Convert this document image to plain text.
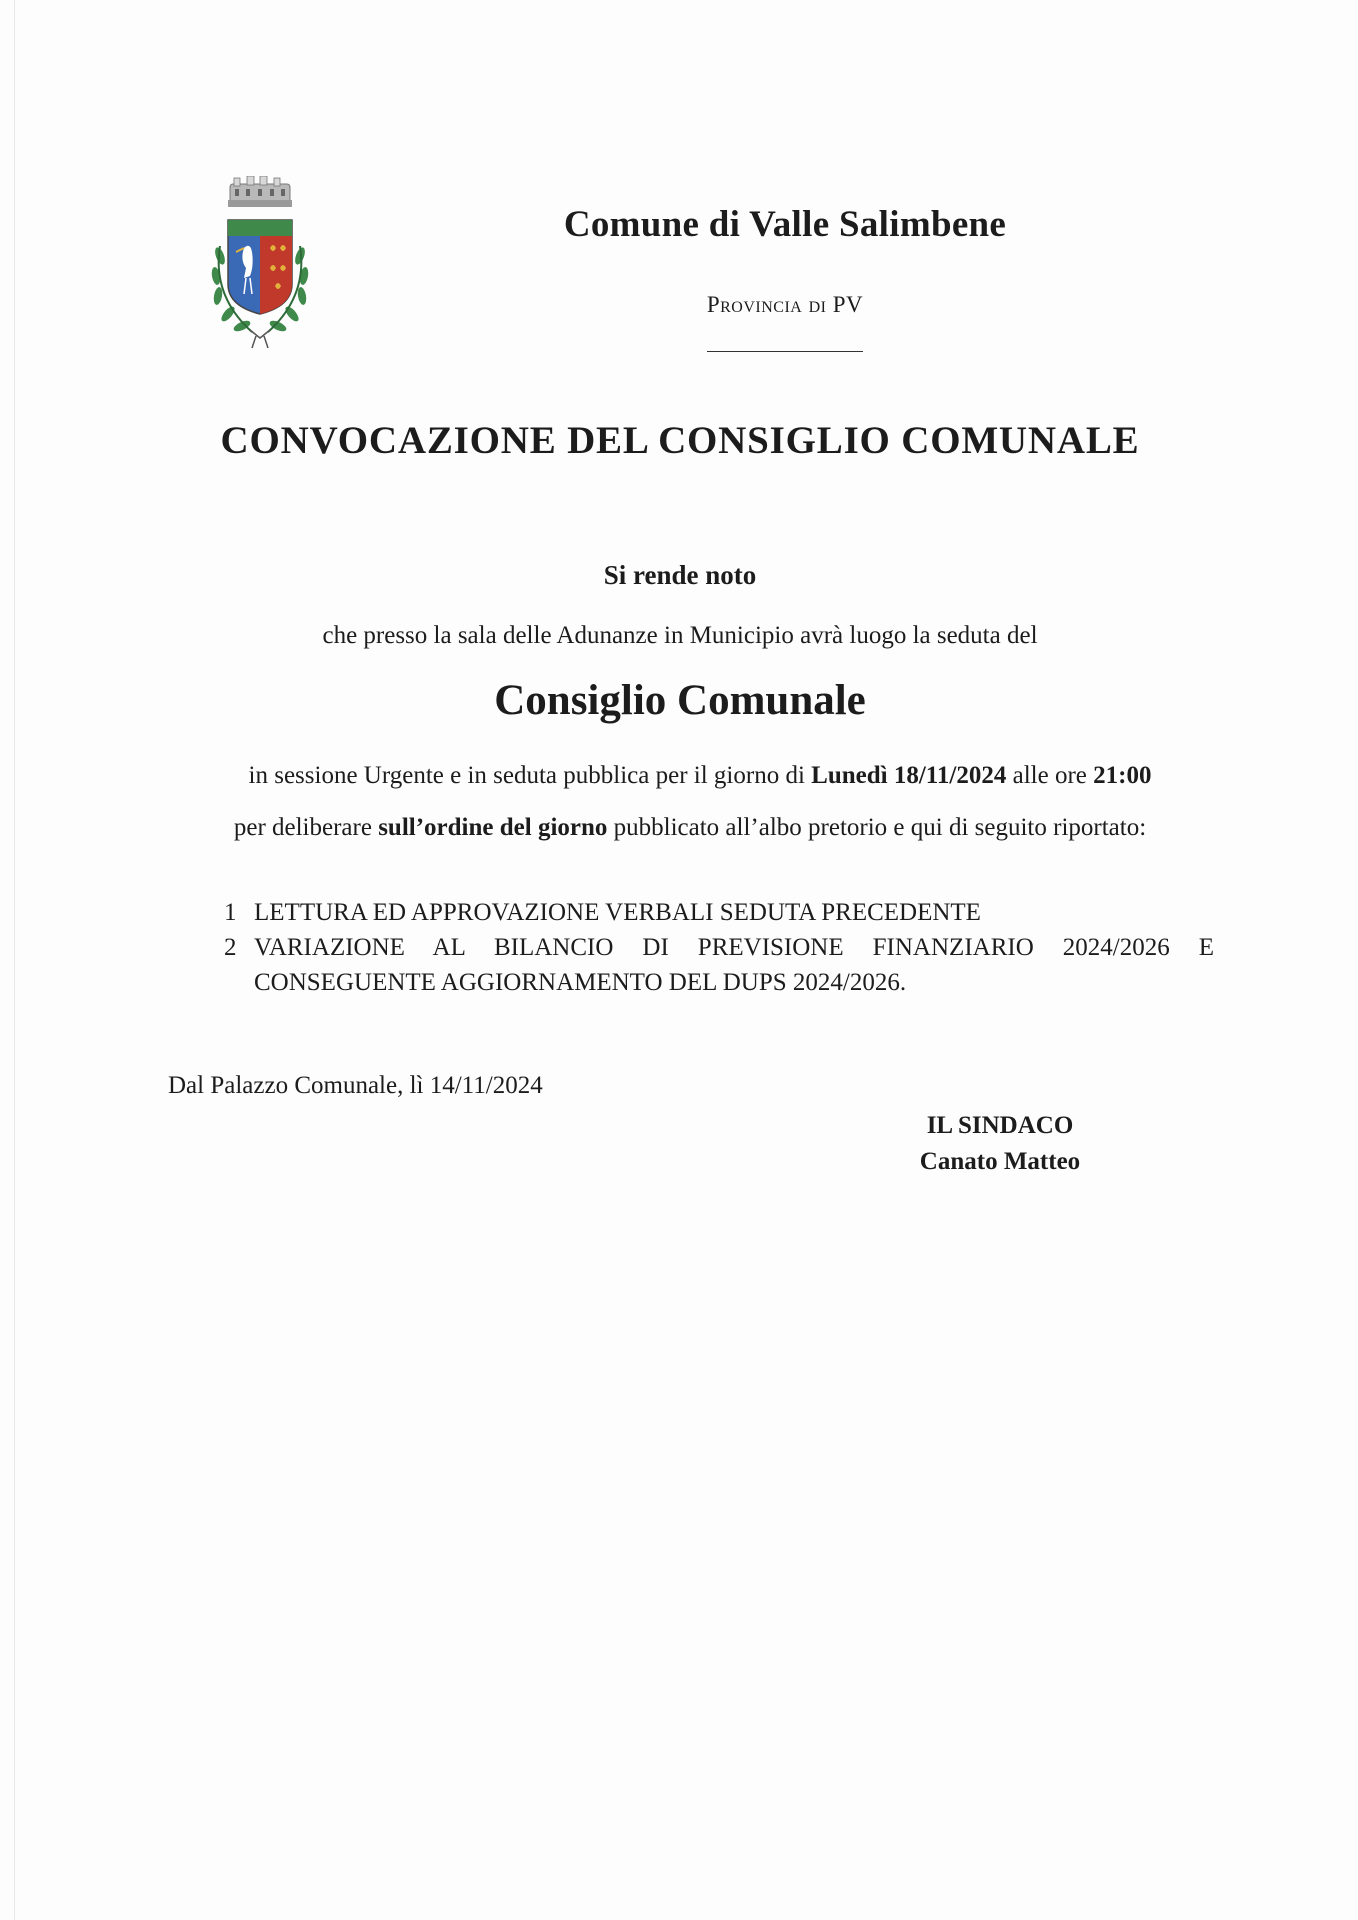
Comune di Valle Salimbene
Provincia di PV
CONVOCAZIONE DEL CONSIGLIO COMUNALE
Si rende noto
che presso la sala delle Adunanze in Municipio avrà luogo la seduta del
Consiglio Comunale
in sessione Urgente e in seduta pubblica per il giorno di Lunedì 18/11/2024 alle ore 21:00
per deliberare sull’ordine del giorno pubblicato all’albo pretorio e qui di seguito riportato:
1 LETTURA ED APPROVAZIONE VERBALI SEDUTA PRECEDENTE
2 VARIAZIONE AL BILANCIO DI PREVISIONE FINANZIARIO 2024/2026 E CONSEGUENTE AGGIORNAMENTO DEL DUPS 2024/2026.
Dal Palazzo Comunale, lì 14/11/2024
IL SINDACO
Canato Matteo
